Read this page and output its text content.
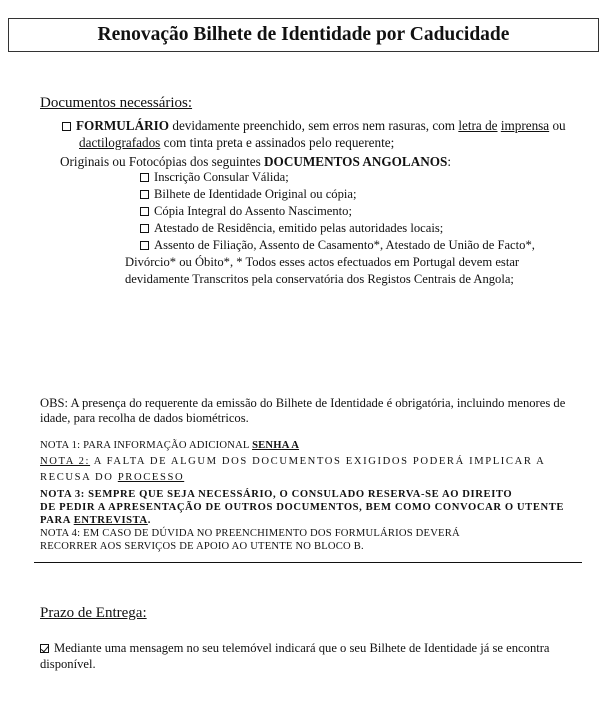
Renovação Bilhete de Identidade por Caducidade
Documentos necessários:
FORMULÁRIO devidamente preenchido, sem erros nem rasuras, com letra de imprensa ou
dactilografados com tinta preta e assinados pelo requerente;
Originais ou Fotocópias dos seguintes DOCUMENTOS ANGOLANOS:
Inscrição Consular Válida;
Bilhete de Identidade Original ou cópia;
Cópia Integral do Assento Nascimento;
Atestado de Residência, emitido pelas autoridades locais;
Assento de Filiação, Assento de Casamento*, Atestado de União de Facto*,
Divórcio* ou Óbito*, * Todos esses actos efectuados em Portugal devem estar
devidamente Transcritos pela conservatória dos Registos Centrais de Angola;
OBS: A presença do requerente da emissão do Bilhete de Identidade é obrigatória, incluindo menores de
idade, para recolha de dados biométricos.
NOTA 1: PARA INFORMAÇÃO ADICIONAL SENHA A
NOTA 2: A FALTA DE ALGUM DOS DOCUMENTOS EXIGIDOS PODERÁ IMPLICAR A
RECUSA DO PROCESSO
NOTA 3: SEMPRE QUE SEJA NECESSÁRIO, O CONSULADO RESERVA-SE AO DIREITO
DE PEDIR A APRESENTAÇÃO DE OUTROS DOCUMENTOS, BEM COMO CONVOCAR O UTENTE
PARA ENTREVISTA.
NOTA 4: EM CASO DE DÚVIDA NO PREENCHIMENTO DOS FORMULÁRIOS DEVERÁ
RECORRER AOS SERVIÇOS DE APOIO AO UTENTE NO BLOCO B.
Prazo de Entrega:
Mediante uma mensagem no seu telemóvel indicará que o seu Bilhete de Identidade já se encontra
disponível.
